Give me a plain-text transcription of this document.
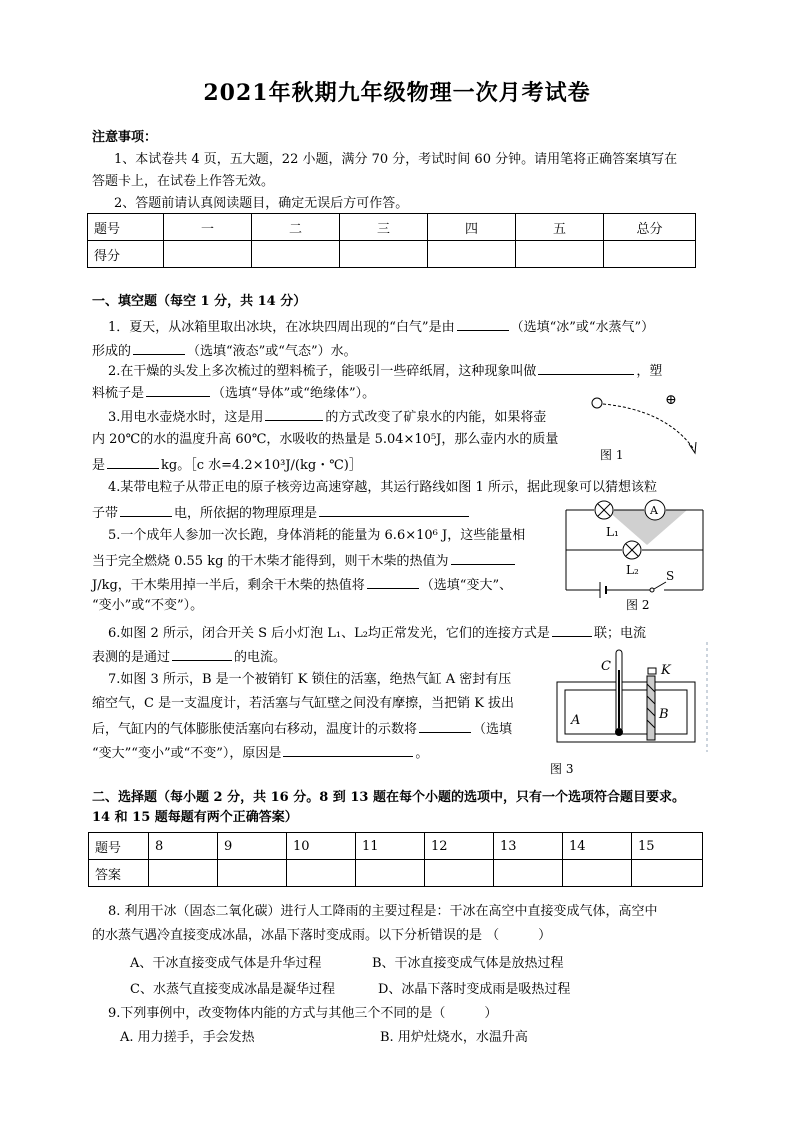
2021年秋期九年级物理一次月考试卷
注意事项：
1、本试卷共 4 页，五大题，22 小题，满分 70 分，考试时间 60 分钟。请用笔将正确答案填写在
答题卡上，在试卷上作答无效。
2、答题前请认真阅读题目，确定无误后方可作答。
题号	一	二	三	四	五	总分
得分						
一、填空题（每空 1 分，共 14 分）
1．夏天，从冰箱里取出冰块，在冰块四周出现的“白气”是由	（选填“冰”或“水蒸气”）
形成的	（选填“液态”或“气态”）水。
2.在干燥的头发上多次梳过的塑料梳子，能吸引一些碎纸屑，这种现象叫做	，塑
料梳子是	（选填“导体”或“绝缘体”）。
3.用电水壶烧水时，这是用	的方式改变了矿泉水的内能，如果将壶
内 20℃的水的温度升高 60℃，水吸收的热量是 5.04×10⁵J，那么壶内水的质量
是	kg。［c 水=4.2×10³J/(kg・℃)］
⊕
图 1
4.某带电粒子从带正电的原子核旁边高速穿越，其运行路线如图 1 所示，据此现象可以猜想该粒
子带	电，所依据的物理原理是	A
L₁
L₂ S
图 2
5.一个成年人参加一次长跑，身体消耗的能量为 6.6×10⁶ J，这些能量相
当于完全燃烧 0.55 kg 的干木柴才能得到，则干木柴的热值为
J/kg，干木柴用掉一半后，剩余干木柴的热值将	（选填“变大”、
“变小”或“不变”）。
6.如图 2 所示，闭合开关 S 后小灯泡 L₁、L₂均正常发光，它们的连接方式是	联；电流
表测的是通过	的电流。
C	K
A	B
图 3
7.如图 3 所示，B 是一个被销钉 K 锁住的活塞，绝热气缸 A 密封有压
缩空气，C 是一支温度计，若活塞与气缸壁之间没有摩擦，当把销 K 拔出
后，气缸内的气体膨胀使活塞向右移动，温度计的示数将	（选填
“变大”“变小”或“不变”），原因是	。
二、选择题（每小题 2 分，共 16 分。8 到 13 题在每个小题的选项中，只有一个选项符合题目要求。
14 和 15 题每题有两个正确答案）
题号	8	9	10	11	12	13	14	15
答案								
8. 利用干冰（固态二氧化碳）进行人工降雨的主要过程是：干冰在高空中直接变成气体，高空中
的水蒸气遇冷直接变成冰晶，冰晶下落时变成雨。以下分析错误的是 （　　　）
A、干冰直接变成气体是升华过程	B、干冰直接变成气体是放热过程
C、水蒸气直接变成冰晶是凝华过程	D、冰晶下落时变成雨是吸热过程
9.下列事例中，改变物体内能的方式与其他三个不同的是（　　　）
A. 用力搓手，手会发热	B. 用炉灶烧水，水温升高
